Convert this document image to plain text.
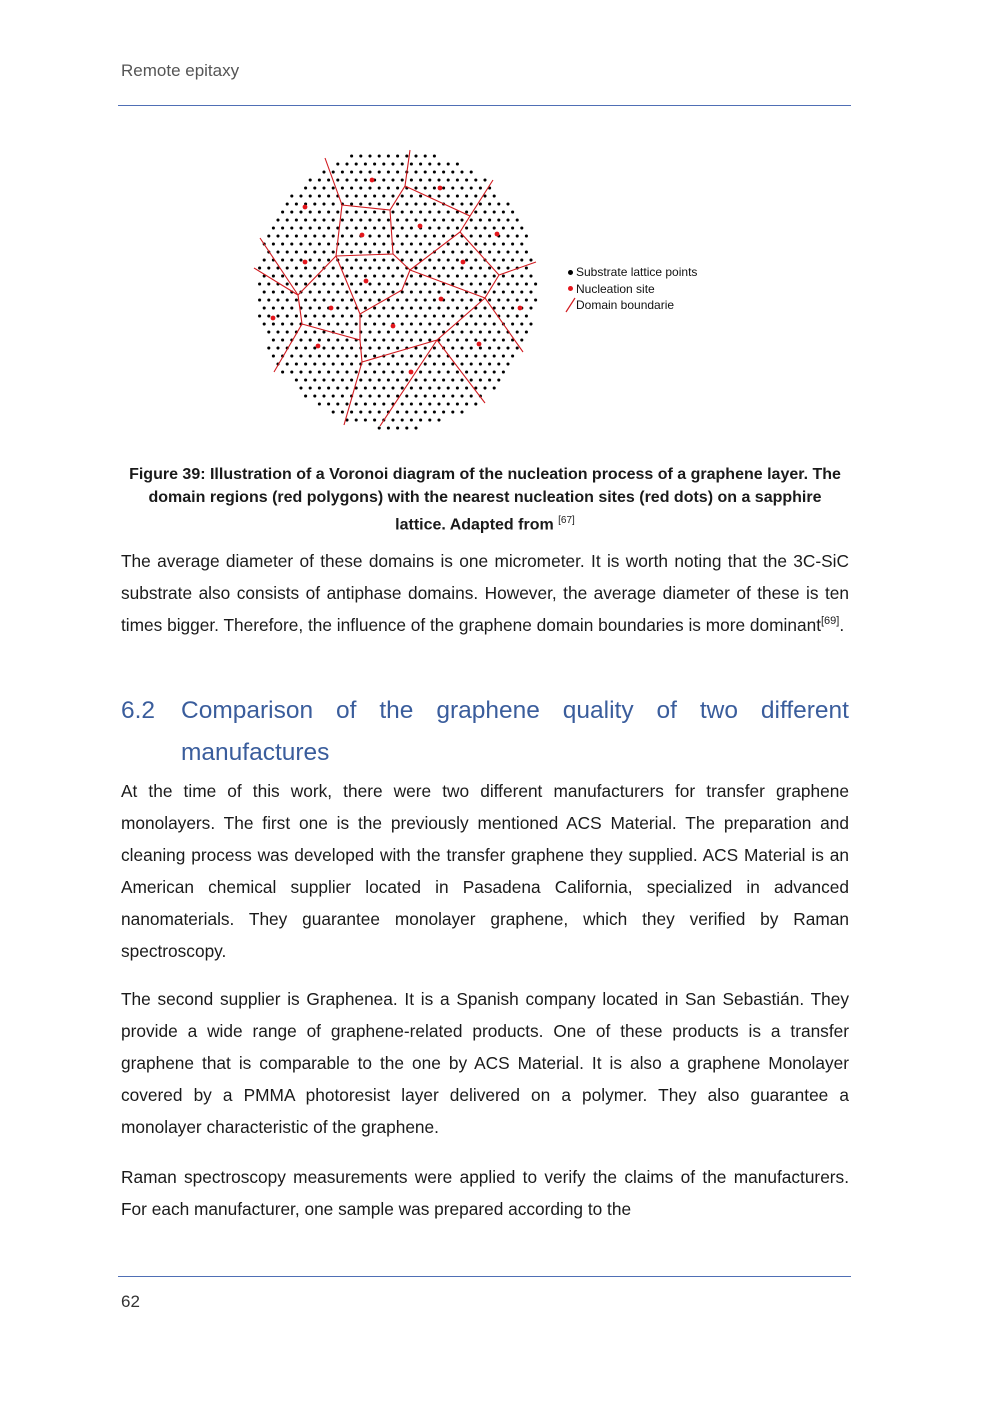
Remote epitaxy
Substrate lattice points
Nucleation site
Domain boundarie
Figure 39: Illustration of a Voronoi diagram of the nucleation process of a graphene layer. The domain regions (red polygons) with the nearest nucleation sites (red dots) on a sapphire lattice. Adapted from [67]

The average diameter of these domains is one micrometer. It is worth noting that the 3C-SiC substrate also consists of antiphase domains. However, the average diameter of these is ten times bigger. Therefore, the influence of the graphene domain boundaries is more dominant[69].

6.2 Comparison of the graphene quality of two different manufactures

At the time of this work, there were two different manufacturers for transfer graphene monolayers. The first one is the previously mentioned ACS Material. The preparation and cleaning process was developed with the transfer graphene they supplied. ACS Material is an American chemical supplier located in Pasadena California, specialized in advanced nanomaterials. They guarantee monolayer graphene, which they verified by Raman spectroscopy.

The second supplier is Graphenea. It is a Spanish company located in San Sebastián. They provide a wide range of graphene-related products. One of these products is a transfer graphene that is comparable to the one by ACS Material. It is also a graphene Monolayer covered by a PMMA photoresist layer delivered on a polymer. They also guarantee a monolayer characteristic of the graphene.

Raman spectroscopy measurements were applied to verify the claims of the manufacturers. For each manufacturer, one sample was prepared according to the

62
